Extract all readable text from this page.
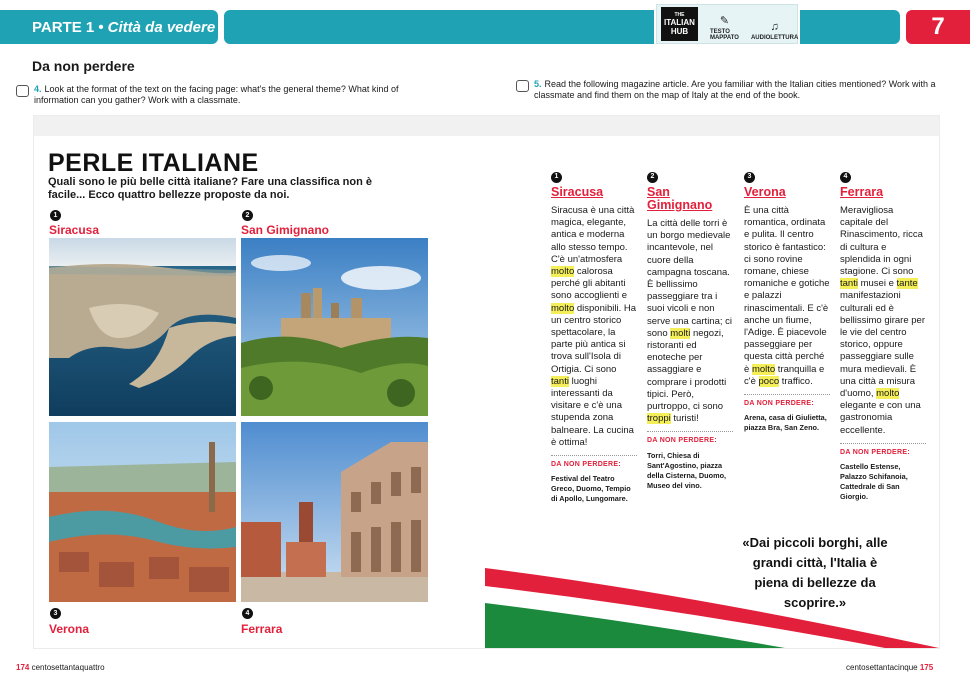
PARTE 1 • Città da vedere
THE
ITALIAN
HUB
✎
TESTO MAPPATO
♫
AUDIOLETTURA	7
Da non perdere
4. Look at the format of the text on the facing page: what's the general theme? What kind of information can you gather? Work with a classmate.
5. Read the following magazine article. Are you familiar with the Italian cities mentioned? Work with a classmate and find them on the map of Italy at the end of the book.
PERLE ITALIANE
Quali sono le più belle città italiane? Fare una classifica non è facile... Ecco quattro bellezze proposte da noi.
1
Siracusa
2
San Gimignano
3
Verona
4
Ferrara
1
Siracusa

Siracusa è una città magica, elegante, antica e moderna allo stesso tempo. C'è un'atmosfera molto calorosa perché gli abitanti sono accoglienti e molto disponibili. Ha un centro storico spettacolare, la parte più antica si trova sull'Isola di Ortigia. Ci sono tanti luoghi interessanti da visitare e c'è una stupenda zona balneare. La cucina è ottima!

DA NON PERDERE:
Festival del Teatro Greco, Duomo, Tempio di Apollo, Lungomare.
2
San Gimignano

La città delle torri è un borgo medievale incantevole, nel cuore della campagna toscana. È bellissimo passeggiare tra i suoi vicoli e non serve una cartina; ci sono molti negozi, ristoranti ed enoteche per assaggiare e comprare i prodotti tipici. Però, purtroppo, ci sono troppi turisti!

DA NON PERDERE:
Torri, Chiesa di Sant'Agostino, piazza della Cisterna, Duomo, Museo del vino.
3
Verona

È una città romantica, ordinata e pulita. Il centro storico è fantastico: ci sono rovine romane, chiese romaniche e gotiche e palazzi rinascimentali. E c'è anche un fiume, l'Adige. È piacevole passeggiare per questa città perché è molto tranquilla e c'è poco traffico.

DA NON PERDERE:
Arena, casa di Giulietta, piazza Bra, San Zeno.
4
Ferrara

Meravigliosa capitale del Rinascimento, ricca di cultura e splendida in ogni stagione. Ci sono tanti musei e tante manifestazioni culturali ed è bellissimo girare per le vie del centro storico, oppure passeggiare sulle mura medievali. È una città a misura d'uomo, molto elegante e con una gastronomia eccellente.

DA NON PERDERE:
Castello Estense, Palazzo Schifanoia, Cattedrale di San Giorgio.
«Dai piccoli borghi, alle grandi città, l'Italia è piena di bellezze da scoprire.»
174 centosettantaquattro	centosettantacinque 175
